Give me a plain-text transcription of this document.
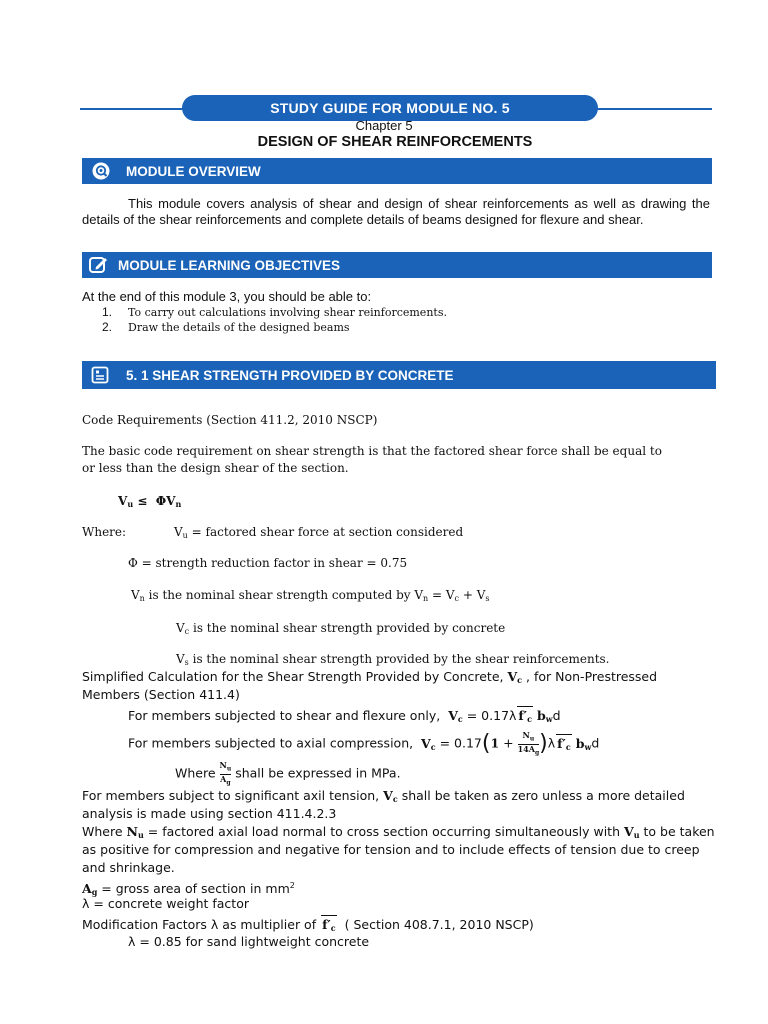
STUDY GUIDE FOR MODULE NO. 5
Chapter 5
DESIGN OF SHEAR REINFORCEMENTS
MODULE OVERVIEW
This module covers analysis of shear and design of shear reinforcements as well as drawing the details of the shear reinforcements and complete details of beams designed for flexure and shear.
MODULE LEARNING OBJECTIVES
At the end of this module 3, you should be able to:
1.	To carry out calculations involving shear reinforcements.
2.	Draw the details of the designed beams
5. 1 SHEAR STRENGTH PROVIDED BY CONCRETE
Code Requirements (Section 411.2, 2010 NSCP)
The basic code requirement on shear strength is that the factored shear force shall be equal to
or less than the design shear of the section.
$V_u \le \Phi V_n$
Where:	$V_u$ = factored shear force at section considered
Φ = strength reduction factor in shear = 0.75
$V_n$ is the nominal shear strength computed by $V_n = V_c + V_s$
$V_c$ is the nominal shear strength provided by concrete
$V_s$ is the nominal shear strength provided by the shear reinforcements.
Simplified Calculation for the Shear Strength Provided by Concrete, $V_c$ , for Non-Prestressed
Members (Section 411.4)
For members subjected to shear and flexure only, $V_c = 0.17\lambda$ $f'_c$ $b_wd$
For members subjected to axial compression, $V_c = 0.17(1 + \frac{N_u}{14A_g} )\lambda$ $f'_c$ $b_wd$
Where $\frac{N_u}{A_g}$ shall be expressed in MPa.
For members subject to significant axil tension, $V_c$ shall be taken as zero unless a more detailed
analysis is made using section 411.4.2.3
Where $N_u$ = factored axial load normal to cross section occurring simultaneously with $V_u$ to be taken
as positive for compression and negative for tension and to include effects of tension due to creep
and shrinkage.
$A_g$ = gross area of section in $mm^2$
λ = concrete weight factor
Modification Factors λ as multiplier of $f'_c$ ( Section 408.7.1, 2010 NSCP)
λ = 0.85 for sand lightweight concrete
